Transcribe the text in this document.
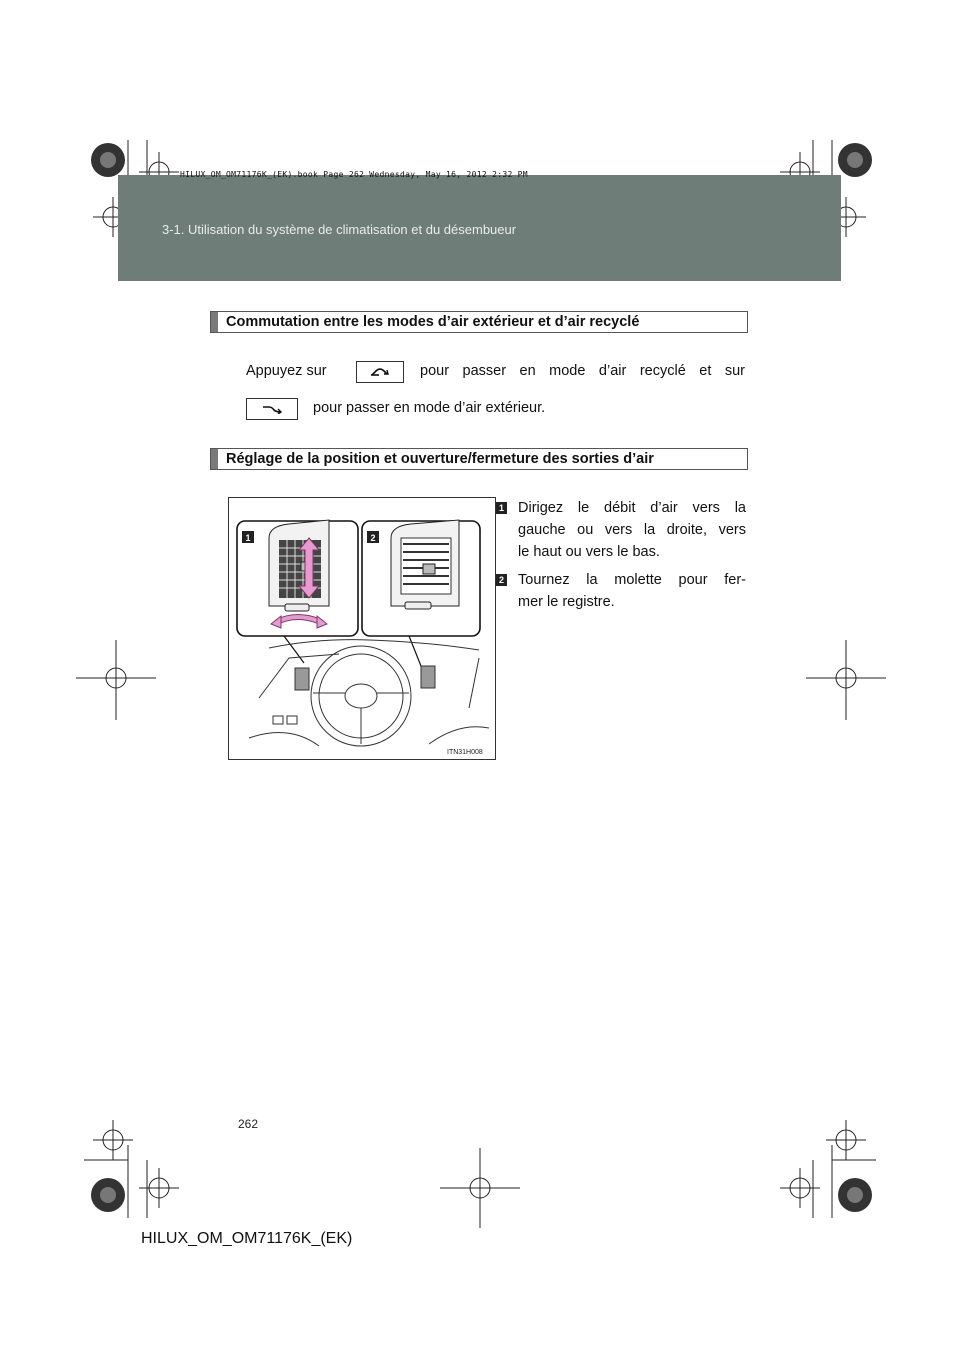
HILUX_OM_OM71176K_(EK).book Page 262 Wednesday, May 16, 2012 2:32 PM
3-1. Utilisation du système de climatisation et du désembueur
Commutation entre les modes d’air extérieur et d’air recyclé
Appuyez sur	pour passer en mode d’air recyclé et sur
pour passer en mode d’air extérieur.
Réglage de la position et ouverture/fermeture des sorties d’air
1	2
ITN31H008
1 Dirigez le débit d’air vers la
gauche ou vers la droite, vers
le haut ou vers le bas.
2 Tournez la molette pour fer-
mer le registre.
262
HILUX_OM_OM71176K_(EK)
